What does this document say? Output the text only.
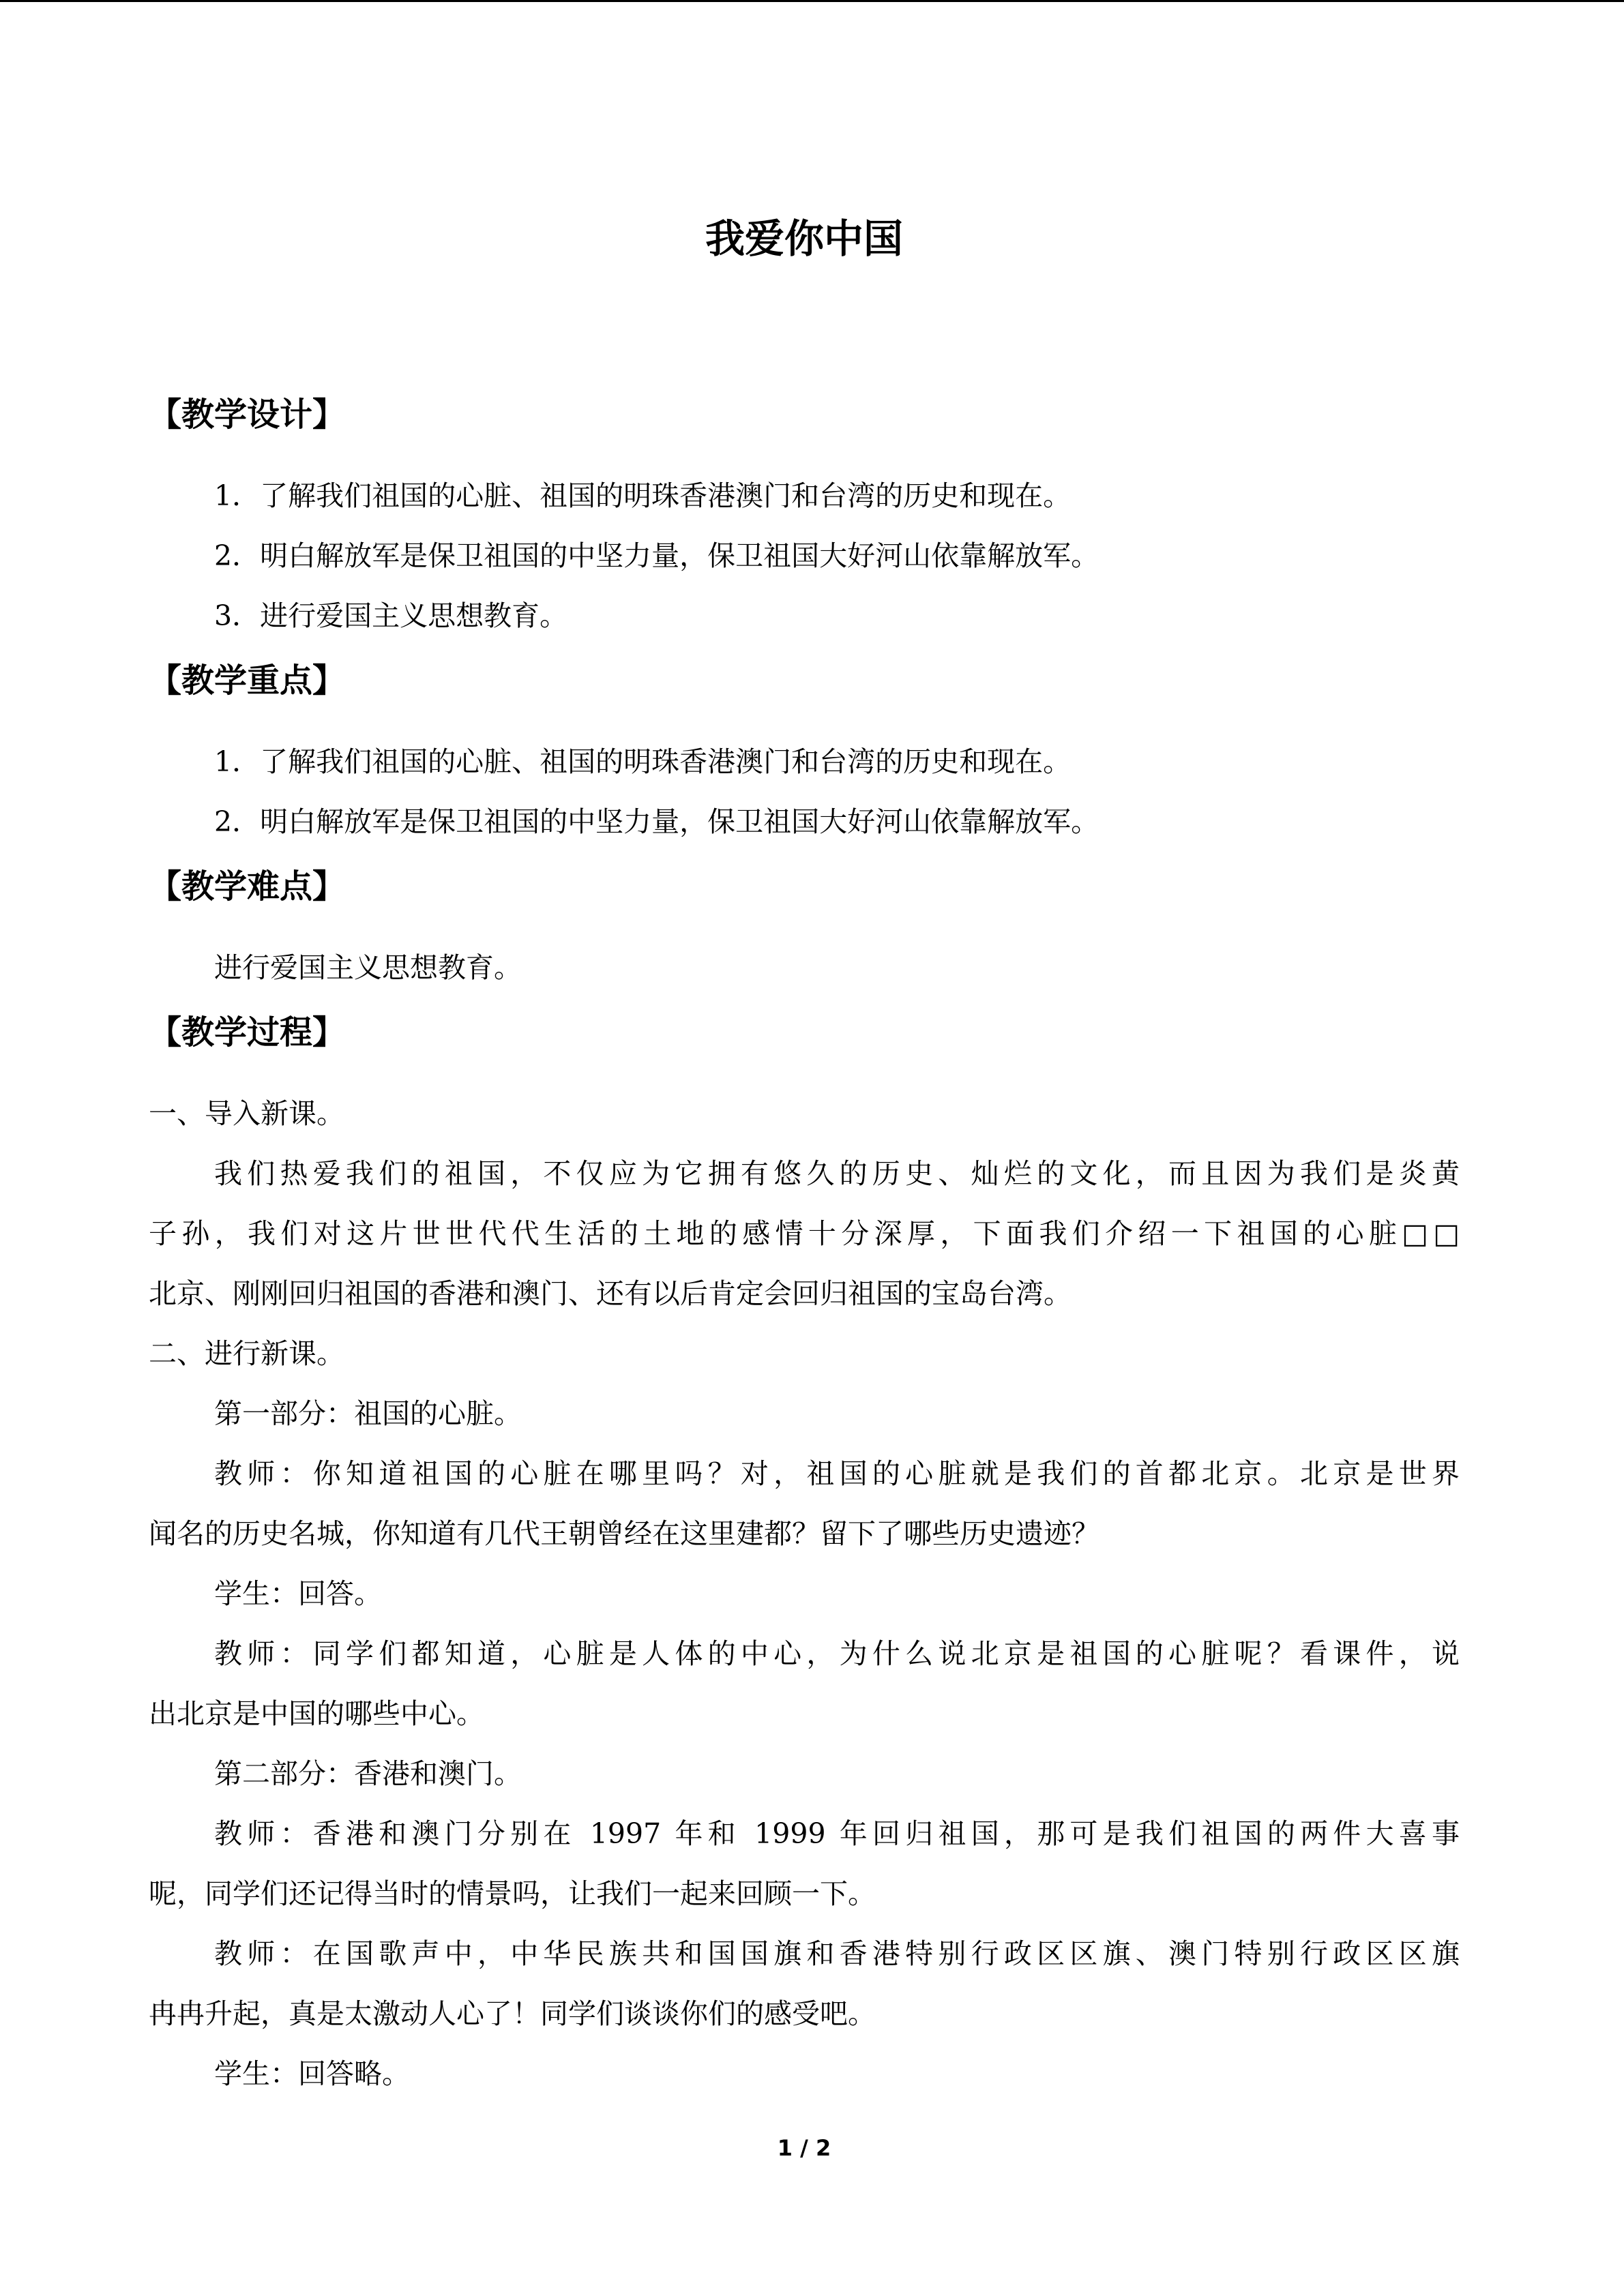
我爱你中国
【教学设计】
1．了解我们祖国的心脏、祖国的明珠香港澳门和台湾的历史和现在。
2．明白解放军是保卫祖国的中坚力量，保卫祖国大好河山依靠解放军。
3．进行爱国主义思想教育。
【教学重点】
1．了解我们祖国的心脏、祖国的明珠香港澳门和台湾的历史和现在。
2．明白解放军是保卫祖国的中坚力量，保卫祖国大好河山依靠解放军。
【教学难点】
进行爱国主义思想教育。
【教学过程】
一、导入新课。
我们热爱我们的祖国，不仅应为它拥有悠久的历史、灿烂的文化，而且因为我们是炎黄
子孙，我们对这片世世代代生活的土地的感情十分深厚，下面我们介绍一下祖国的心脏□□
北京、刚刚回归祖国的香港和澳门、还有以后肯定会回归祖国的宝岛台湾。
二、进行新课。
第一部分：祖国的心脏。
教师：你知道祖国的心脏在哪里吗？对，祖国的心脏就是我们的首都北京。北京是世界
闻名的历史名城，你知道有几代王朝曾经在这里建都？留下了哪些历史遗迹？
学生：回答。
教师：同学们都知道，心脏是人体的中心，为什么说北京是祖国的心脏呢？看课件，说
出北京是中国的哪些中心。
第二部分：香港和澳门。
教师：香港和澳门分别在 1997 年和 1999 年回归祖国，那可是我们祖国的两件大喜事
呢，同学们还记得当时的情景吗，让我们一起来回顾一下。
教师：在国歌声中，中华民族共和国国旗和香港特别行政区区旗、澳门特别行政区区旗
冉冉升起，真是太激动人心了！同学们谈谈你们的感受吧。
学生：回答略。
1 / 2
